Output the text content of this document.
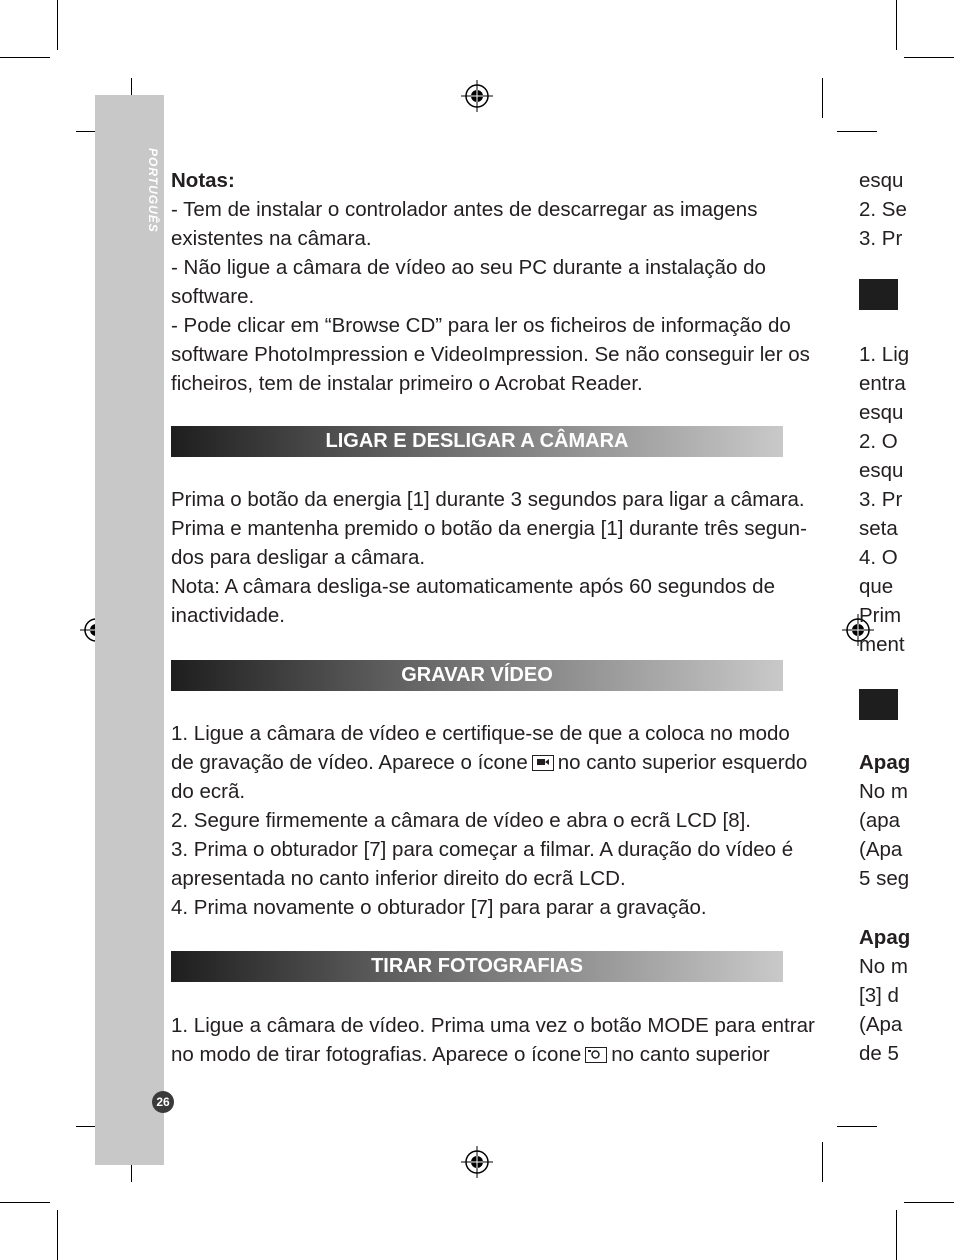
PORTUGUÊS
26

Notas:

- Tem de instalar o controlador antes de descarregar as imagens

existentes na câmara.

- Não ligue a câmara de vídeo ao seu PC durante a instalação do

software.

- Pode clicar em “Browse CD” para ler os ficheiros de informação do

software PhotoImpression e VideoImpression. Se não conseguir ler os

ficheiros, tem de instalar primeiro o Acrobat Reader.

LIGAR E DESLIGAR A CÂMARA

Prima o botão da energia [1] durante 3 segundos para ligar a câmara.

Prima e mantenha premido o botão da energia [1] durante três segun-

dos para desligar a câmara.

Nota: A câmara desliga-se automaticamente após 60 segundos de

inactividade.

GRAVAR VÍDEO

1. Ligue a câmara de vídeo e certifique-se de que a coloca no modo

de gravação de vídeo. Aparece o ícone no canto superior esquerdo

do ecrã.

2. Segure firmemente a câmara de vídeo e abra o ecrã LCD [8].

3. Prima o obturador [7] para começar a filmar. A duração do vídeo é

apresentada no canto inferior direito do ecrã LCD.

4. Prima novamente o obturador [7] para parar a gravação.

TIRAR FOTOGRAFIAS

1. Ligue a câmara de vídeo. Prima uma vez o botão MODE para entrar

no modo de tirar fotografias. Aparece o ícone no canto superior

esqu

2. Se

3. Pr

1. Lig

entra

esqu

2. O

esqu

3. Pr

seta

4. O

que

Prim

ment

Apag

No m

(apa

(Apa

5 seg

Apag

No m

[3] d

(Apa

de 5
